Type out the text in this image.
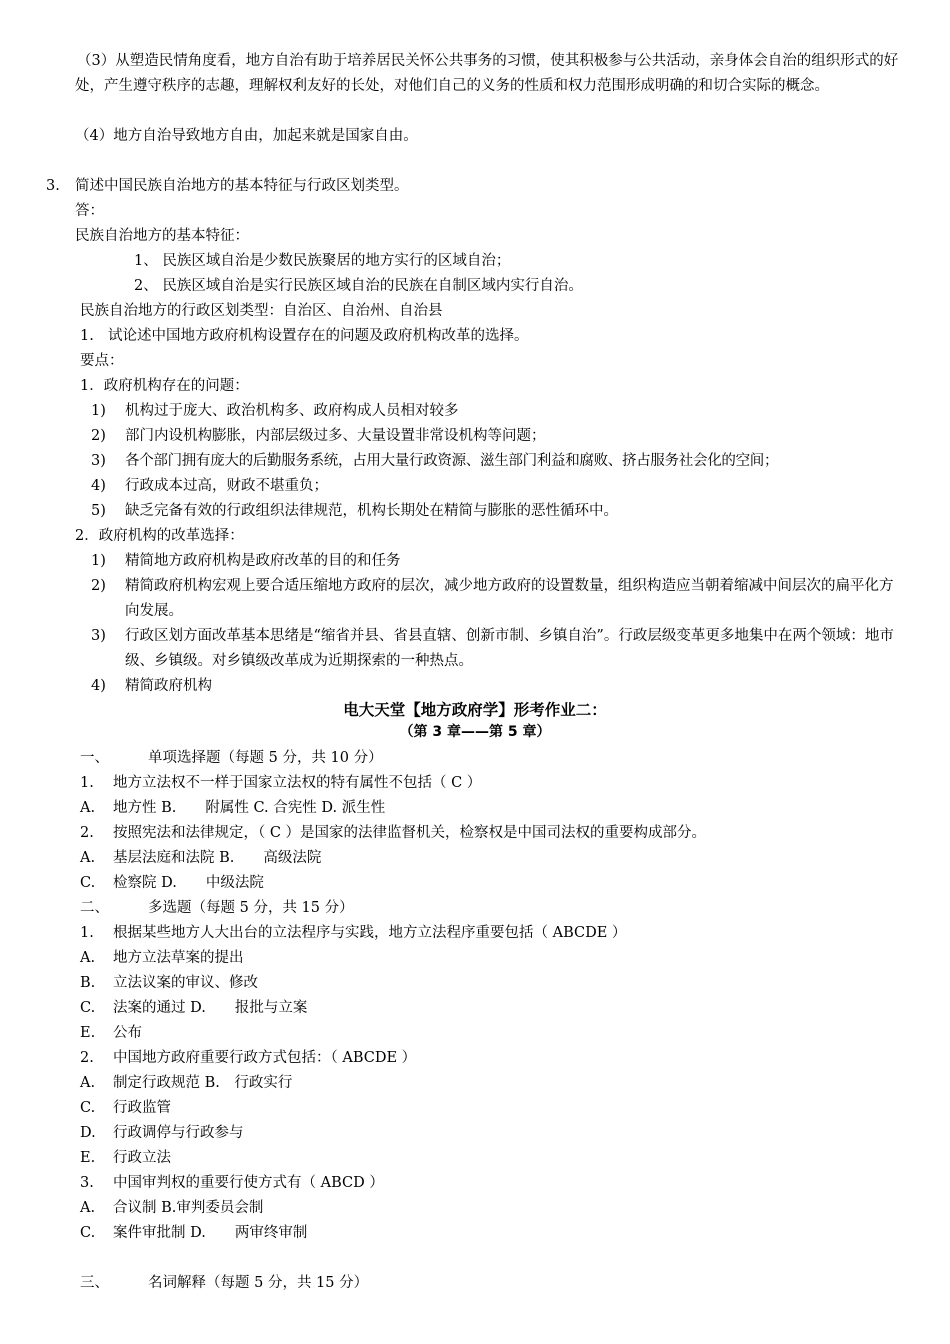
（3）从塑造民情角度看，地方自治有助于培养居民关怀公共事务的习惯，使其积极参与公共活动，亲身体会自治的组织形式的好处，产生遵守秩序的志趣，理解权利友好的长处，对他们自己的义务的性质和权力范围形成明确的和切合实际的概念。
（4）地方自治导致地方自由，加起来就是国家自由。
3. 简述中国民族自治地方的基本特征与行政区划类型。
答：
民族自治地方的基本特征：
1、 民族区域自治是少数民族聚居的地方实行的区域自治；
2、 民族区域自治是实行民族区域自治的民族在自制区域内实行自治。
民族自治地方的行政区划类型：自治区、自治州、自治县
1. 试论述中国地方政府机构设置存在的问题及政府机构改革的选择。
要点：
1．政府机构存在的问题：
1) 机构过于庞大、政治机构多、政府构成人员相对较多
2) 部门内设机构膨胀，内部层级过多、大量设置非常设机构等问题；
3) 各个部门拥有庞大的后勤服务系统，占用大量行政资源、滋生部门利益和腐败、挤占服务社会化的空间；
4) 行政成本过高，财政不堪重负；
5) 缺乏完备有效的行政组织法律规范，机构长期处在精简与膨胀的恶性循环中。
2．政府机构的改革选择：
1) 精简地方政府机构是政府改革的目的和任务
2) 精简政府机构宏观上要合适压缩地方政府的层次，减少地方政府的设置数量，组织构造应当朝着缩减中间层次的扁平化方向发展。
3) 行政区划方面改革基本思绪是“缩省并县、省县直辖、创新市制、乡镇自治”。行政层级变革更多地集中在两个领域：地市级、乡镇级。对乡镇级改革成为近期探索的一种热点。
4) 精简政府机构
电大天堂【地方政府学】形考作业二：
（第 3 章——第 5 章）
一、	单项选择题（每题 5 分，共 10 分）
1. 地方立法权不一样于国家立法权的特有属性不包括（ C ）
A. 地方性 B.　　附属性 C. 合宪性 D. 派生性
2. 按照宪法和法律规定，（ C ）是国家的法律监督机关，检察权是中国司法权的重要构成部分。
A. 基层法庭和法院 B.　　高级法院
C. 检察院 D.　　中级法院
二、	多选题（每题 5 分，共 15 分）
1. 根据某些地方人大出台的立法程序与实践，地方立法程序重要包括（ ABCDE ）
A. 地方立法草案的提出
B. 立法议案的审议、修改
C. 法案的通过 D.　　报批与立案
E. 公布
2. 中国地方政府重要行政方式包括：（ ABCDE ）
A. 制定行政规范 B.　行政实行
C. 行政监管
D. 行政调停与行政参与
E. 行政立法
3. 中国审判权的重要行使方式有（ ABCD ）
A. 合议制 B.审判委员会制
C. 案件审批制 D.　　两审终审制
三、	名词解释（每题 5 分，共 15 分）
